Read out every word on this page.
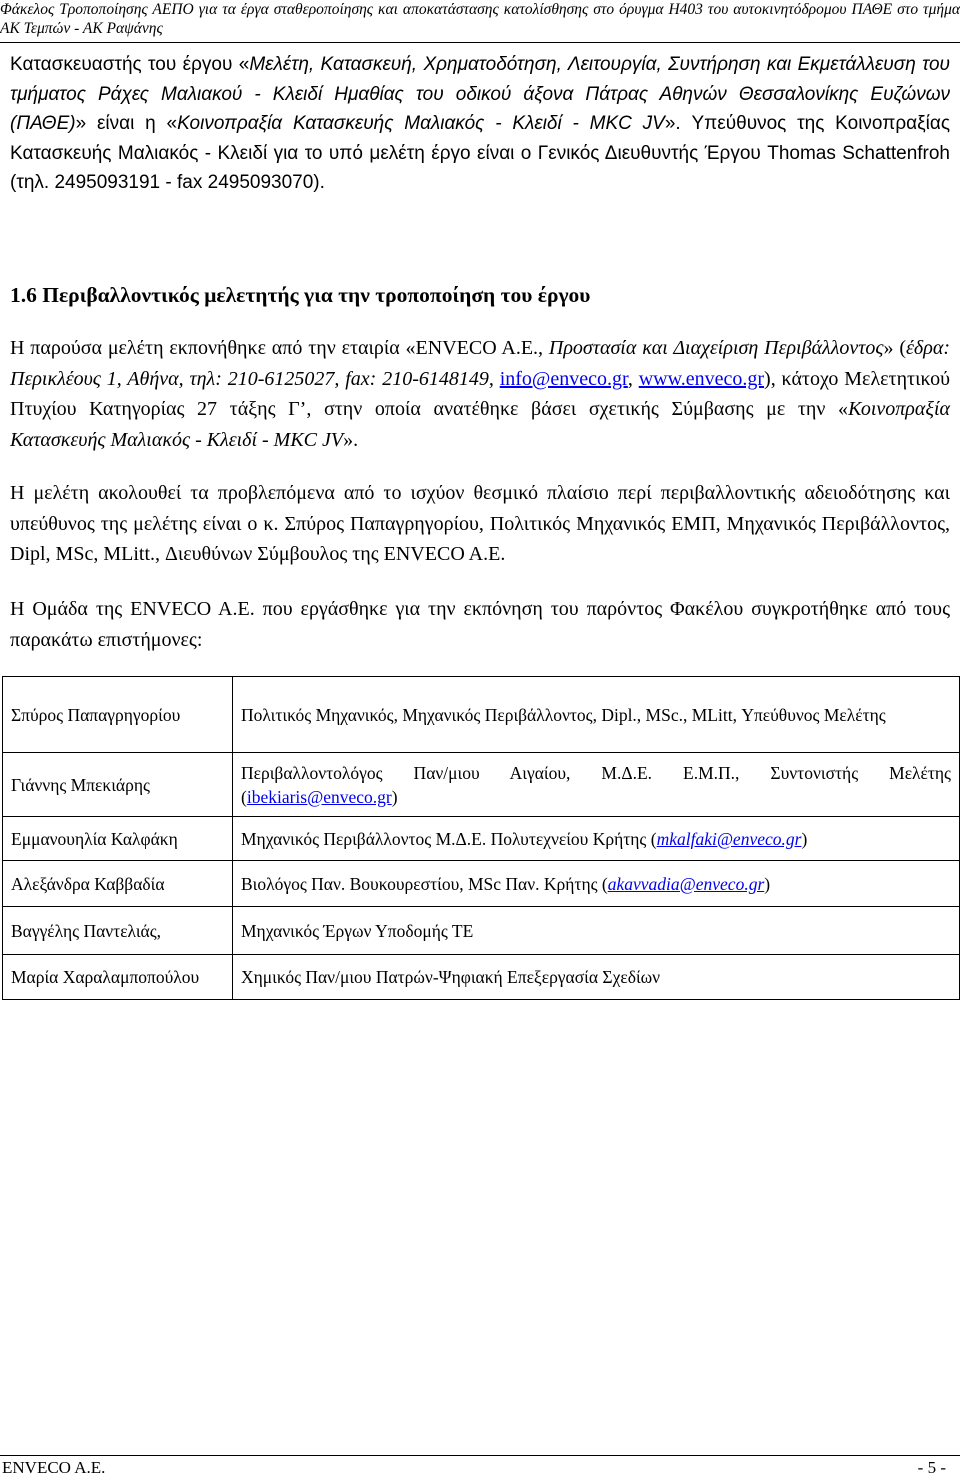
Φάκελος Τροποποίησης ΑΕΠΟ για τα έργα σταθεροποίησης και αποκατάστασης κατολίσθησης στο όρυγμα Η403 του αυτοκινητόδρομου ΠΑΘΕ στο τμήμα ΑΚ Τεμπών - ΑΚ Ραψάνης
Κατασκευαστής του έργου «Μελέτη, Κατασκευή, Χρηματοδότηση, Λειτουργία, Συντήρηση και Εκμετάλλευση του τμήματος Ράχες Μαλιακού - Κλειδί Ημαθίας του οδικού άξονα Πάτρας Αθηνών Θεσσαλονίκης Ευζώνων (ΠΑΘΕ)» είναι η «Κοινοπραξία Κατασκευής Μαλιακός - Κλειδί - ΜΚC JV». Υπεύθυνος της Κοινοπραξίας Κατασκευής Μαλιακός - Κλειδί για το υπό μελέτη έργο είναι ο Γενικός Διευθυντής Έργου Thomas Schattenfroh (τηλ. 2495093191 - fax 2495093070).
1.6 Περιβαλλοντικός μελετητής για την τροποποίηση του έργου
Η παρούσα μελέτη εκπονήθηκε από την εταιρία «ENVECO A.E., Προστασία και Διαχείριση Περιβάλλοντος» (έδρα: Περικλέους 1, Αθήνα, τηλ: 210-6125027, fax: 210-6148149, info@enveco.gr, www.enveco.gr), κάτοχο Μελετητικού Πτυχίου Κατηγορίας 27 τάξης Γ’, στην οποία ανατέθηκε βάσει σχετικής Σύμβασης με την «Κοινοπραξία Κατασκευής Μαλιακός - Κλειδί - ΜΚC JV».
Η μελέτη ακολουθεί τα προβλεπόμενα από το ισχύον θεσμικό πλαίσιο περί περιβαλλοντικής αδειοδότησης και υπεύθυνος της μελέτης είναι ο κ. Σπύρος Παπαγρηγορίου, Πολιτικός Μηχανικός ΕΜΠ, Μηχανικός Περιβάλλοντος, Dipl, MSc, MLitt., Διευθύνων Σύμβουλος της ENVECO A.E.
Η Ομάδα της ENVECO A.E. που εργάσθηκε για την εκπόνηση του παρόντος Φακέλου συγκροτήθηκε από τους παρακάτω επιστήμονες:
Σπύρος Παπαγρηγορίου	Πολιτικός Μηχανικός, Μηχανικός Περιβάλλοντος, Dipl., MSc., MLitt, Υπεύθυνος Μελέτης
Γιάννης Μπεκιάρης	Περιβαλλοντολόγος Παν/μιου Αιγαίου, Μ.Δ.Ε. Ε.Μ.Π., Συντονιστής Μελέτης (ibekiaris@enveco.gr)
Εμμανουηλία Καλφάκη	Μηχανικός Περιβάλλοντος Μ.Δ.Ε. Πολυτεχνείου Κρήτης (mkalfaki@enveco.gr)
Αλεξάνδρα Καββαδία	Βιολόγος Παν. Βουκουρεστίου, MSc Παν. Κρήτης (akavvadia@enveco.gr)
Βαγγέλης Παντελιάς,	Μηχανικός Έργων Υποδομής ΤΕ
Μαρία Χαραλαμποπούλου	Χημικός Παν/μιου Πατρών-Ψηφιακή Επεξεργασία Σχεδίων
ENVECO A.E.	- 5 -
